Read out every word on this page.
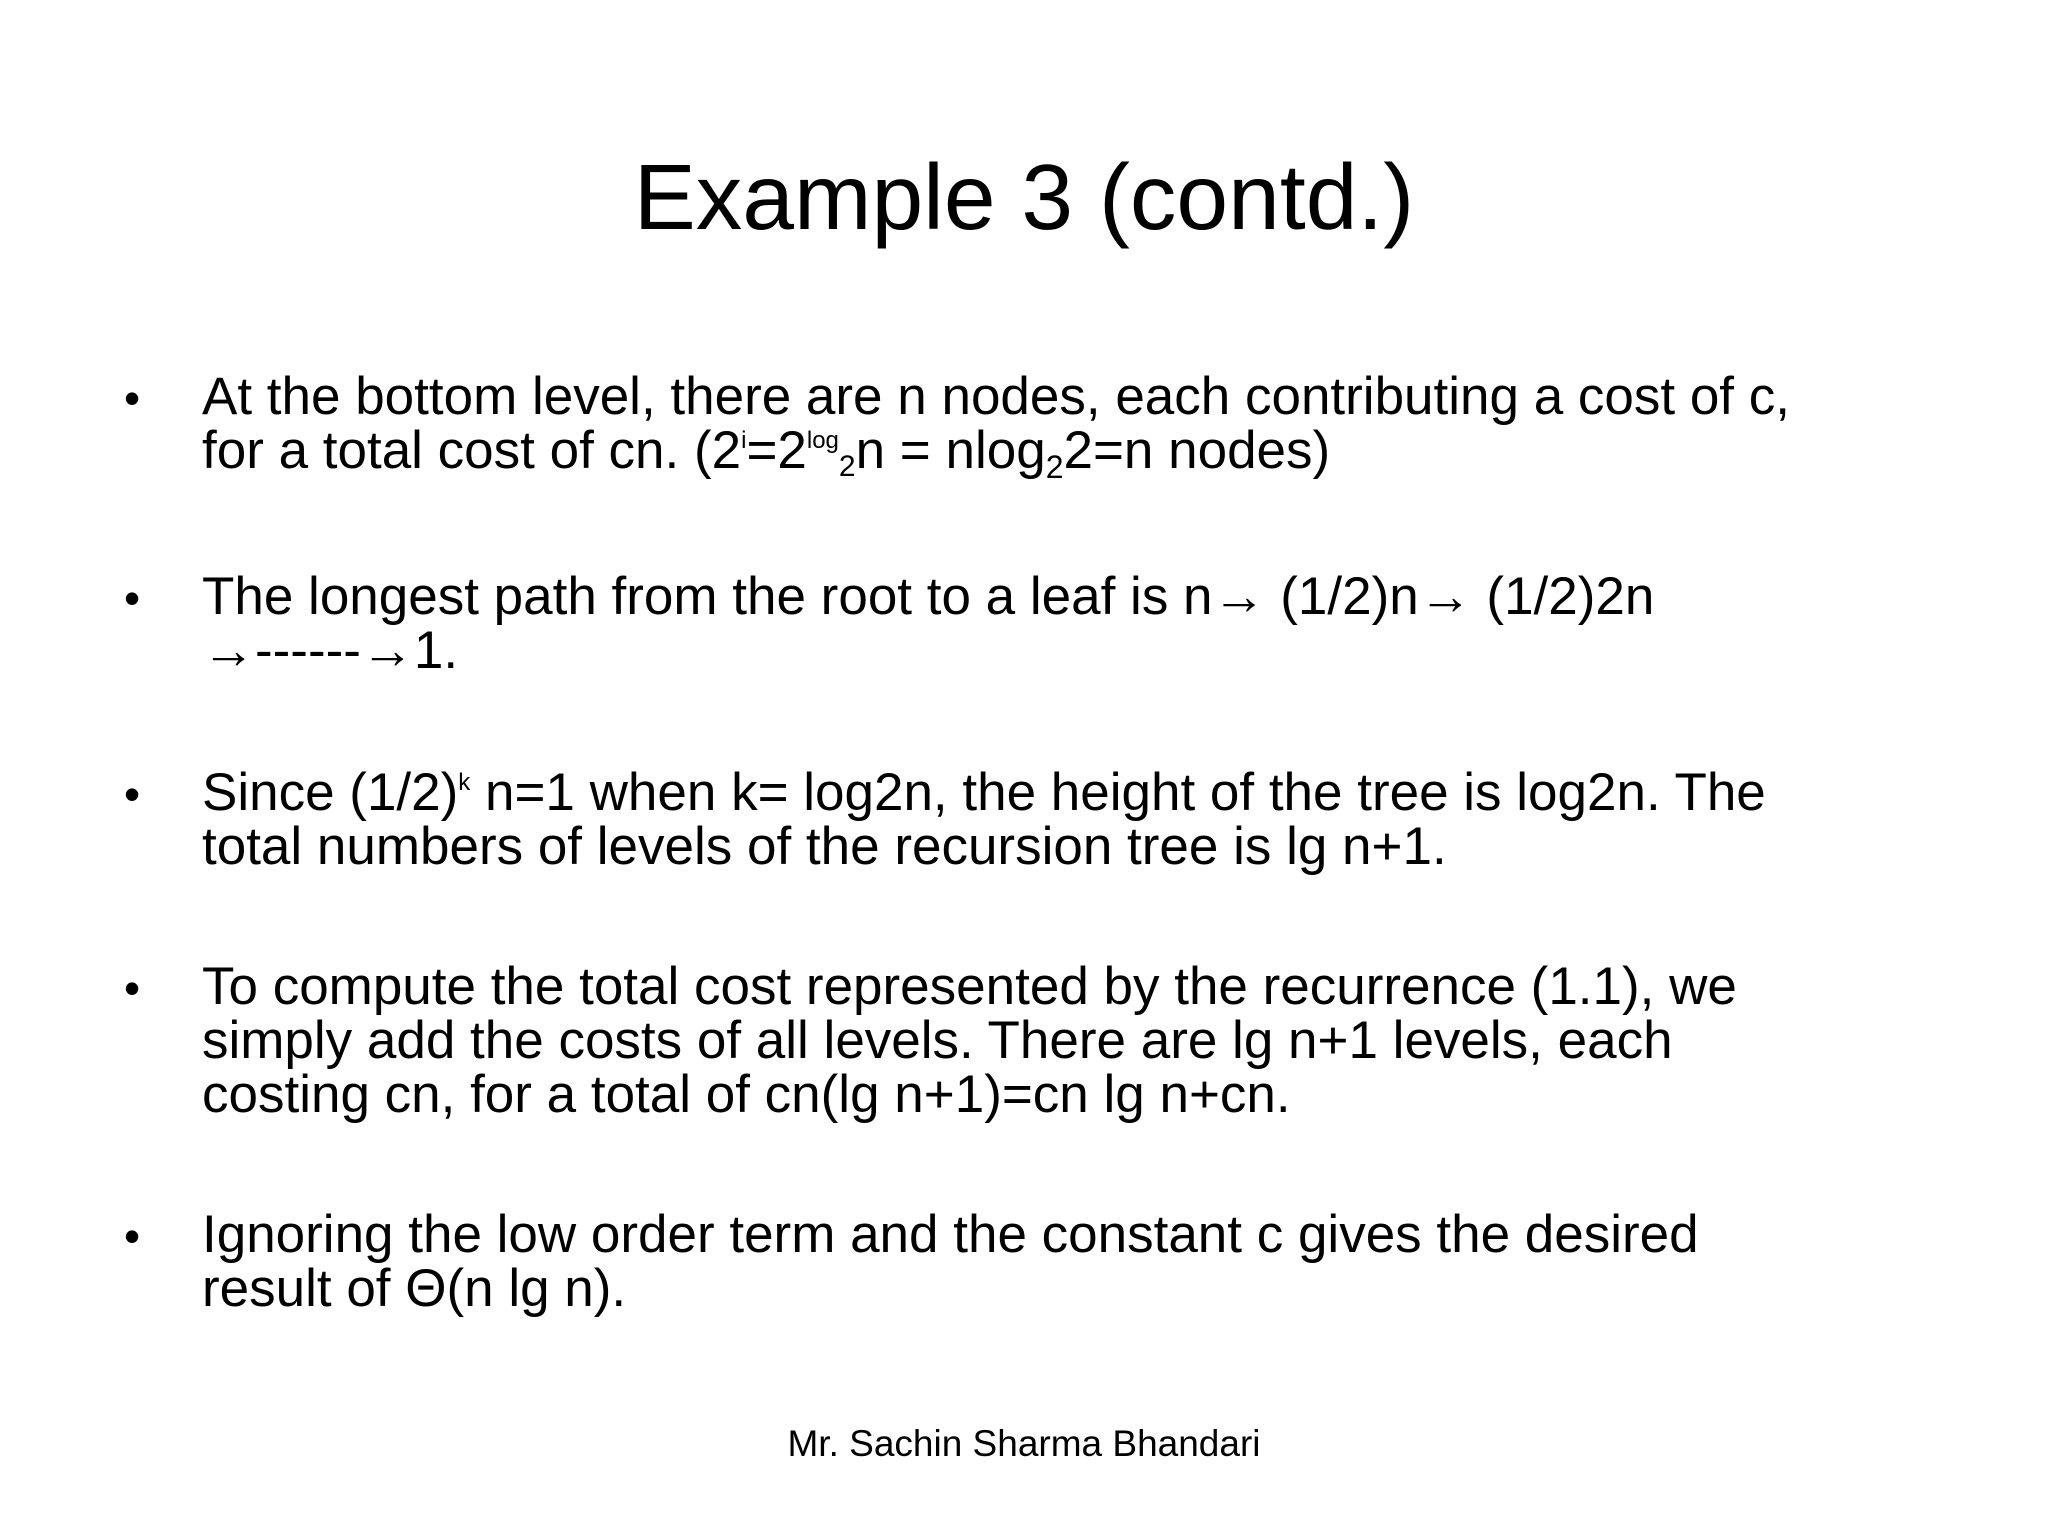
Example 3 (contd.)
• At the bottom level, there are n nodes, each contributing a cost of c,
for a total cost of cn. ($2^i=2^{log_2}n = nlog_22=n$ nodes)
• The longest path from the root to a leaf is n→ (1/2)n→ (1/2)2n
→------→1.
• Since $(1/2)^k$ n=1 when k= log2n, the height of the tree is log2n. The
total numbers of levels of the recursion tree is lg n+1.
• To compute the total cost represented by the recurrence (1.1), we
simply add the costs of all levels. There are lg n+1 levels, each
costing cn, for a total of cn(lg n+1)=cn lg n+cn.
• Ignoring the low order term and the constant c gives the desired
result of Θ(n lg n).
Mr. Sachin Sharma Bhandari
